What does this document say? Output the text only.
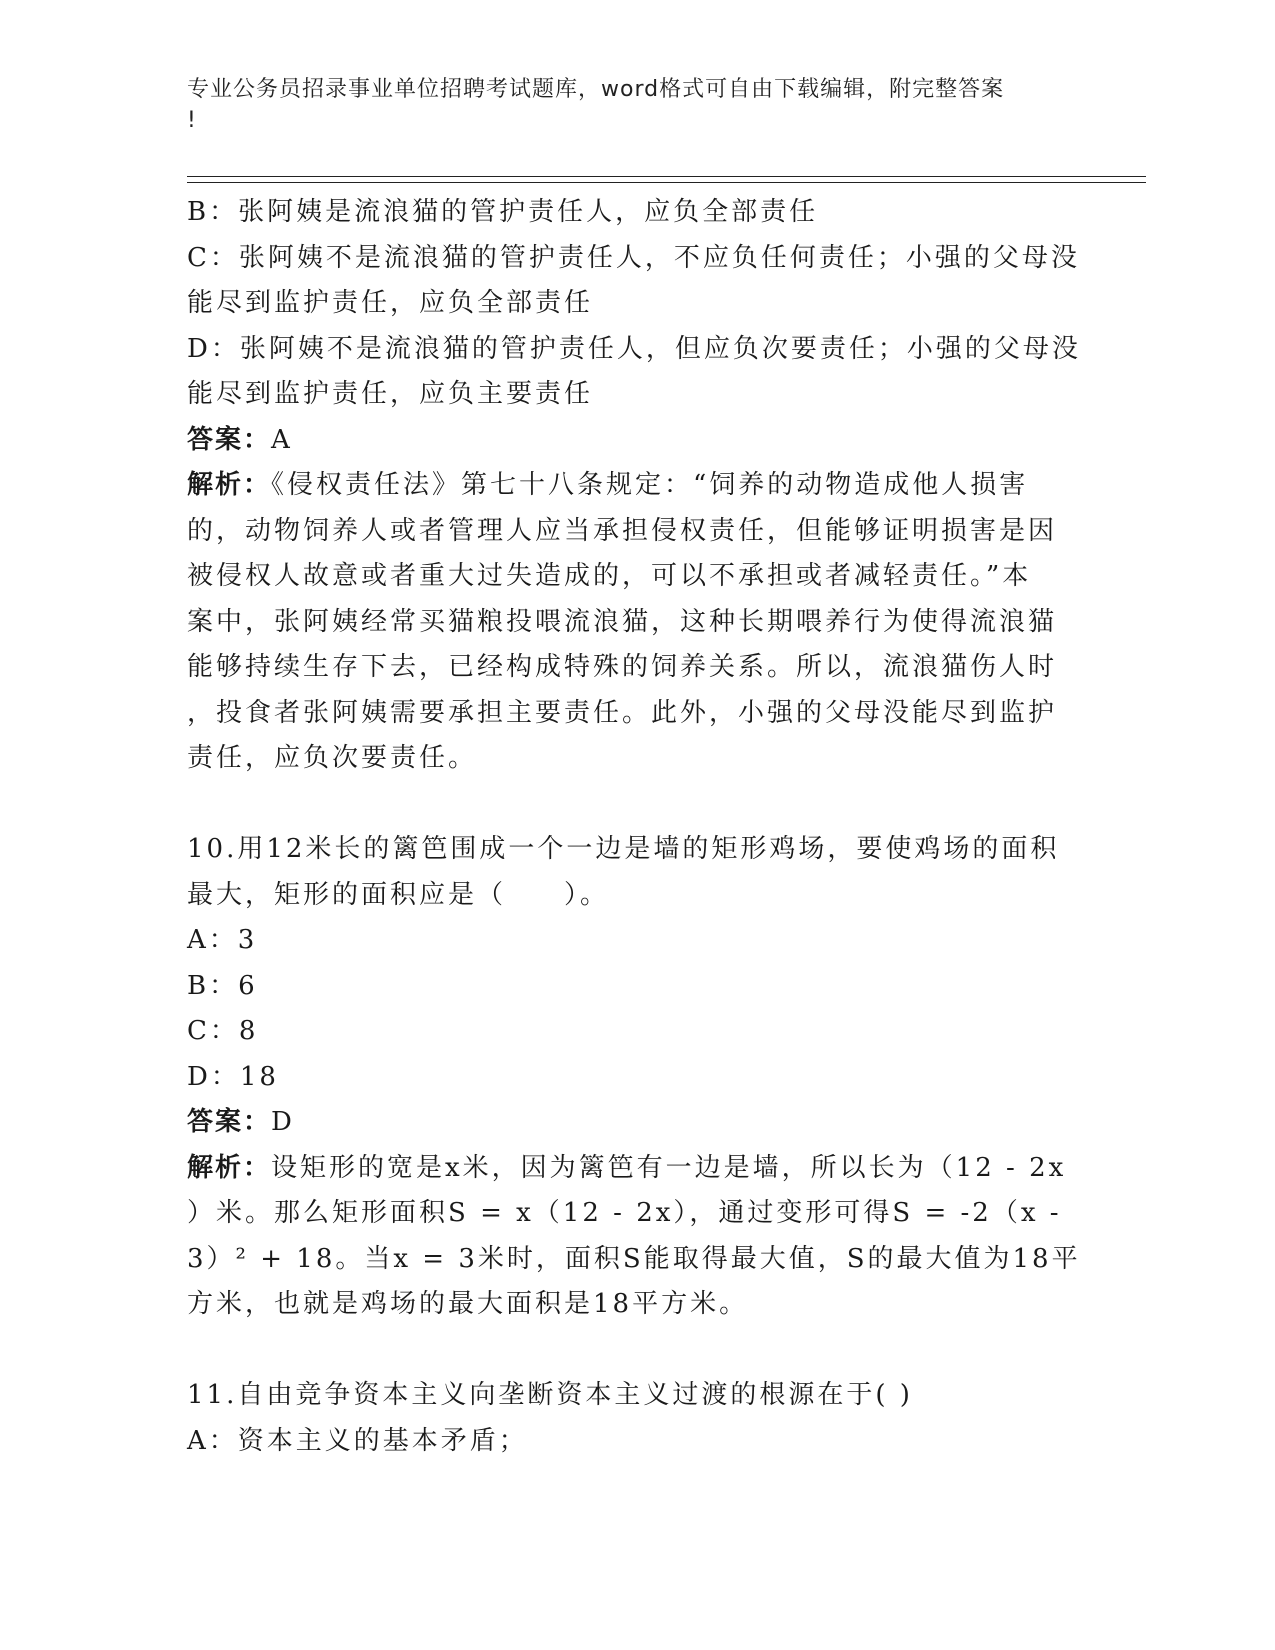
专业公务员招录事业单位招聘考试题库，word格式可自由下载编辑，附完整答案
!
B：张阿姨是流浪猫的管护责任人，应负全部责任
C：张阿姨不是流浪猫的管护责任人，不应负任何责任；小强的父母没
能尽到监护责任，应负全部责任
D：张阿姨不是流浪猫的管护责任人，但应负次要责任；小强的父母没
能尽到监护责任，应负主要责任
答案：A
解析：《侵权责任法》第七十八条规定：“饲养的动物造成他人损害
的，动物饲养人或者管理人应当承担侵权责任，但能够证明损害是因
被侵权人故意或者重大过失造成的，可以不承担或者减轻责任。”本
案中，张阿姨经常买猫粮投喂流浪猫，这种长期喂养行为使得流浪猫
能够持续生存下去，已经构成特殊的饲养关系。所以，流浪猫伤人时
，投食者张阿姨需要承担主要责任。此外，小强的父母没能尽到监护
责任，应负次要责任。
10.用12米长的篱笆围成一个一边是墙的矩形鸡场，要使鸡场的面积
最大，矩形的面积应是（　　）。
A：3
B：6
C：8
D：18
答案：D
解析：设矩形的宽是x米，因为篱笆有一边是墙，所以长为（12 - 2x
）米。那么矩形面积S = x（12 - 2x），通过变形可得S = -2（x -
3）² + 18。当x = 3米时，面积S能取得最大值，S的最大值为18平
方米，也就是鸡场的最大面积是18平方米。
11.自由竞争资本主义向垄断资本主义过渡的根源在于( )
A：资本主义的基本矛盾；
